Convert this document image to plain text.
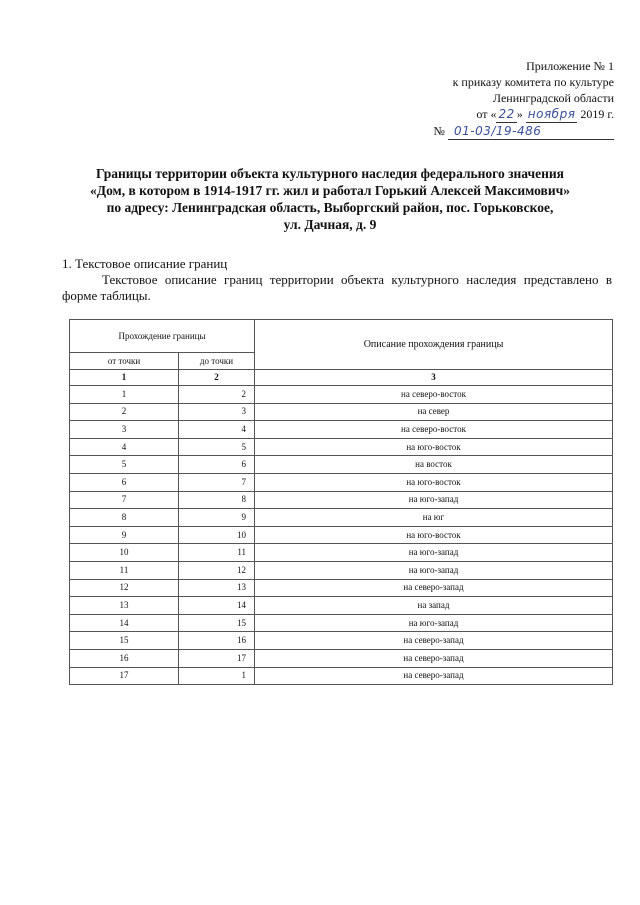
Приложение № 1
к приказу комитета по культуре
Ленинградской области
от « 22 » ноября 2019 г.
№ 01-03/19-486
Границы территории объекта культурного наследия федерального значения
«Дом, в котором в 1914-1917 гг. жил и работал Горький Алексей Максимович»
по адресу: Ленинградская область, Выборгский район, пос. Горьковское,
ул. Дачная, д. 9
1. Текстовое описание границ
Текстовое описание границ территории объекта культурного наследия представлено в форме таблицы.
Прохождение границы		Описание прохождения границы
от точки	до точки	
1	2	3
1	2	на северо-восток
2	3	на север
3	4	на северо-восток
4	5	на юго-восток
5	6	на восток
6	7	на юго-восток
7	8	на юго-запад
8	9	на юг
9	10	на юго-восток
10	11	на юго-запад
11	12	на юго-запад
12	13	на северо-запад
13	14	на запад
14	15	на юго-запад
15	16	на северо-запад
16	17	на северо-запад
17	1	на северо-запад
